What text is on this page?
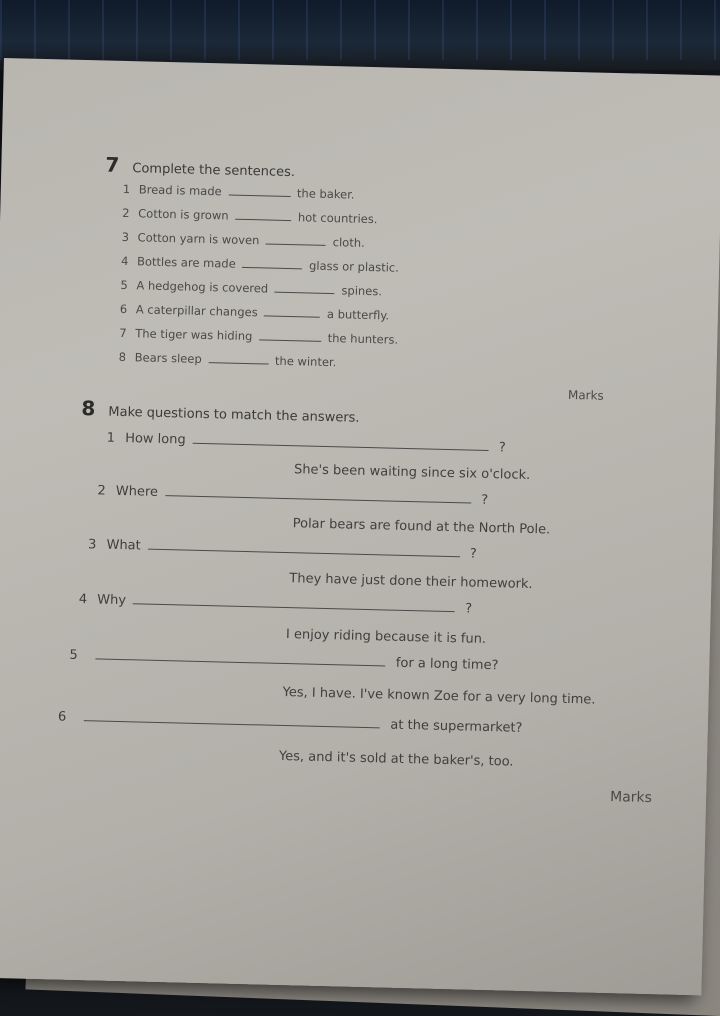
7 Complete the sentences.
1 Bread is made	the baker.
2 Cotton is grown	hot countries.
3 Cotton yarn is woven	cloth.
4 Bottles are made	glass or plastic.
5 A hedgehog is covered	spines.
6 A caterpillar changes	a butterfly.
7 The tiger was hiding	the hunters.
8 Bears sleep	the winter.
Marks
8 Make questions to match the answers.
1 How long  ?
She's been waiting since six o'clock.
2 Where  ?
Polar bears are found at the North Pole.
3 What  ?
They have just done their homework.
4 Why  ?
I enjoy riding because it is fun.
5  for a long time?
Yes, I have. I've known Zoe for a very long time.
6  at the supermarket?
Yes, and it's sold at the baker's, too.
Marks
